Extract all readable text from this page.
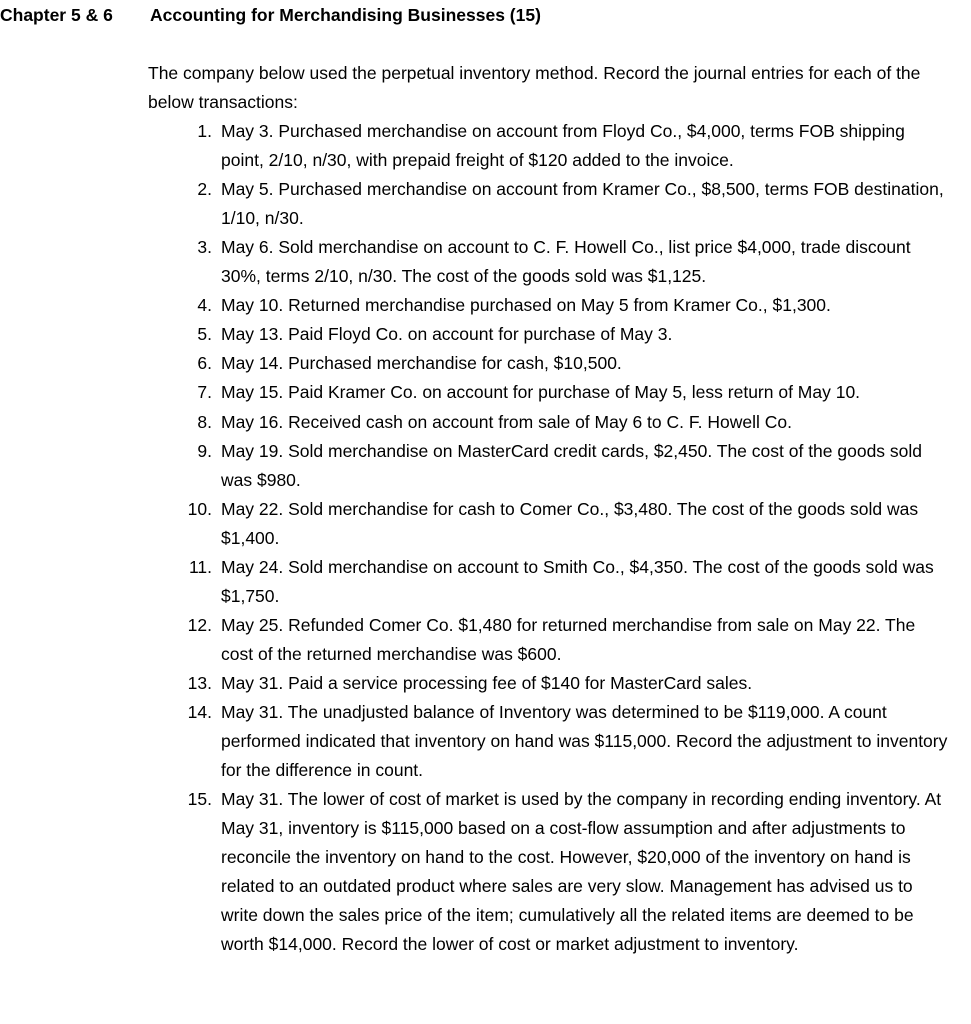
Chapter 5 & 6 Accounting for Merchandising Businesses (15)

The company below used the perpetual inventory method. Record the journal entries for each of the below transactions:

1. May 3. Purchased merchandise on account from Floyd Co., $4,000, terms FOB shipping point, 2/10, n/30, with prepaid freight of $120 added to the invoice.
2. May 5. Purchased merchandise on account from Kramer Co., $8,500, terms FOB destination, 1/10, n/30.
3. May 6. Sold merchandise on account to C. F. Howell Co., list price $4,000, trade discount 30%, terms 2/10, n/30. The cost of the goods sold was $1,125.
4. May 10. Returned merchandise purchased on May 5 from Kramer Co., $1,300.
5. May 13. Paid Floyd Co. on account for purchase of May 3.
6. May 14. Purchased merchandise for cash, $10,500.
7. May 15. Paid Kramer Co. on account for purchase of May 5, less return of May 10.
8. May 16. Received cash on account from sale of May 6 to C. F. Howell Co.
9. May 19. Sold merchandise on MasterCard credit cards, $2,450. The cost of the goods sold was $980.
10. May 22. Sold merchandise for cash to Comer Co., $3,480. The cost of the goods sold was $1,400.
11. May 24. Sold merchandise on account to Smith Co., $4,350. The cost of the goods sold was $1,750.
12. May 25. Refunded Comer Co. $1,480 for returned merchandise from sale on May 22. The cost of the returned merchandise was $600.
13. May 31. Paid a service processing fee of $140 for MasterCard sales.
14. May 31. The unadjusted balance of Inventory was determined to be $119,000. A count performed indicated that inventory on hand was $115,000. Record the adjustment to inventory for the difference in count.
15. May 31. The lower of cost of market is used by the company in recording ending inventory. At May 31, inventory is $115,000 based on a cost-flow assumption and after adjustments to reconcile the inventory on hand to the cost. However, $20,000 of the inventory on hand is related to an outdated product where sales are very slow. Management has advised us to write down the sales price of the item; cumulatively all the related items are deemed to be worth $14,000. Record the lower of cost or market adjustment to inventory.
